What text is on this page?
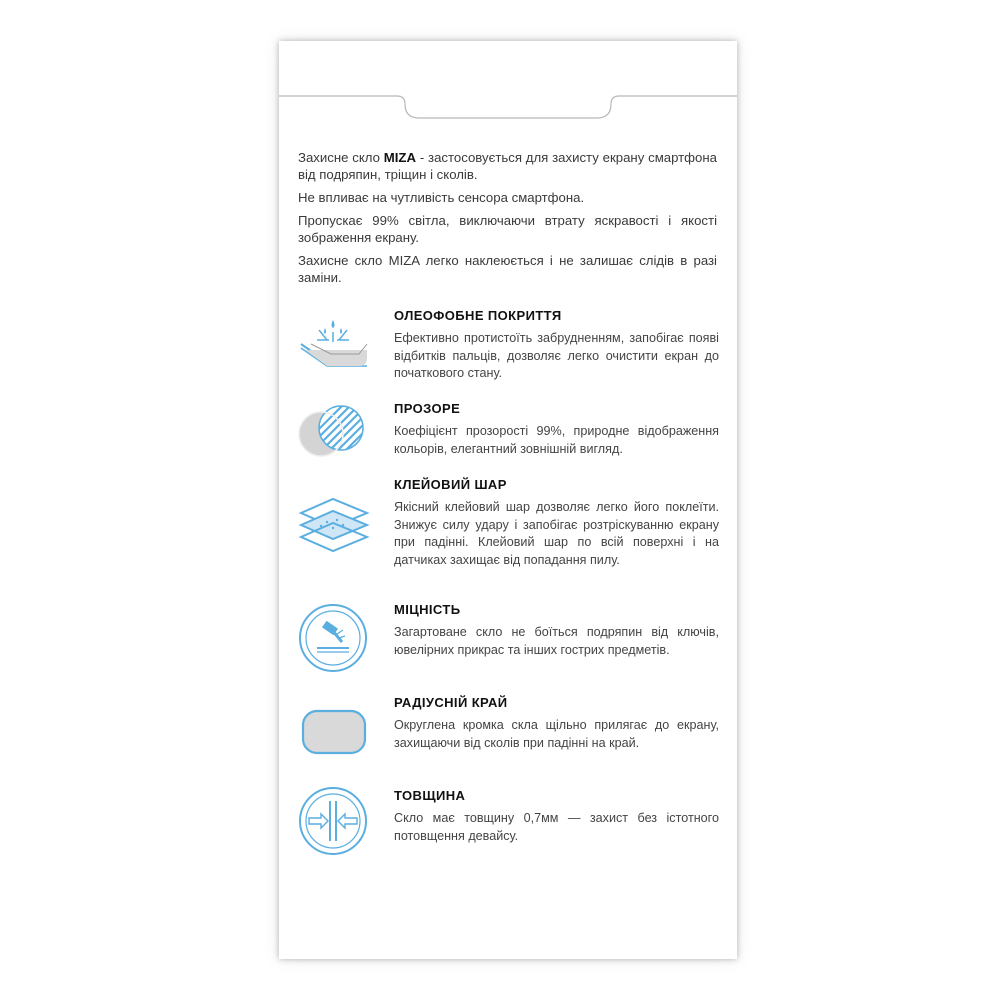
Захисне скло MIZA - застосовується для захисту екрану смартфона від подряпин, тріщин і сколів.

Не впливає на чутливість сенсора смартфона.

Пропускає 99% світла, виключаючи втрату яскравості і якості зображення екрану.

Захисне скло MIZA легко наклеюється і не залишає слідів в разі заміни.

ОЛЕОФОБНЕ ПОКРИТТЯ
Ефективно протистоїть забрудненням, запобігає появі відбитків пальців, дозволяє легко очистити екран до початкового стану.
ПРОЗОРЕ
Коефіцієнт прозорості 99%, природне відображення кольорів, елегантний зовнішній вигляд.
КЛЕЙОВИЙ ШАР
Якісний клейовий шар дозволяє легко його поклеїти. Знижує силу удару і запобігає розтріскуванню екрану при падінні. Клейовий шар по всій поверхні і на датчиках захищає від попадання пилу.
МІЦНІСТЬ
Загартоване скло не боїться подряпин від ключів, ювелірних прикрас та інших гострих предметів.
РАДІУСНІЙ КРАЙ
Округлена кромка скла щільно прилягає до екрану, захищаючи від сколів при падінні на край.
ТОВЩИНА
Скло має товщину 0,7мм — захист без істотного потовщення девайсу.
